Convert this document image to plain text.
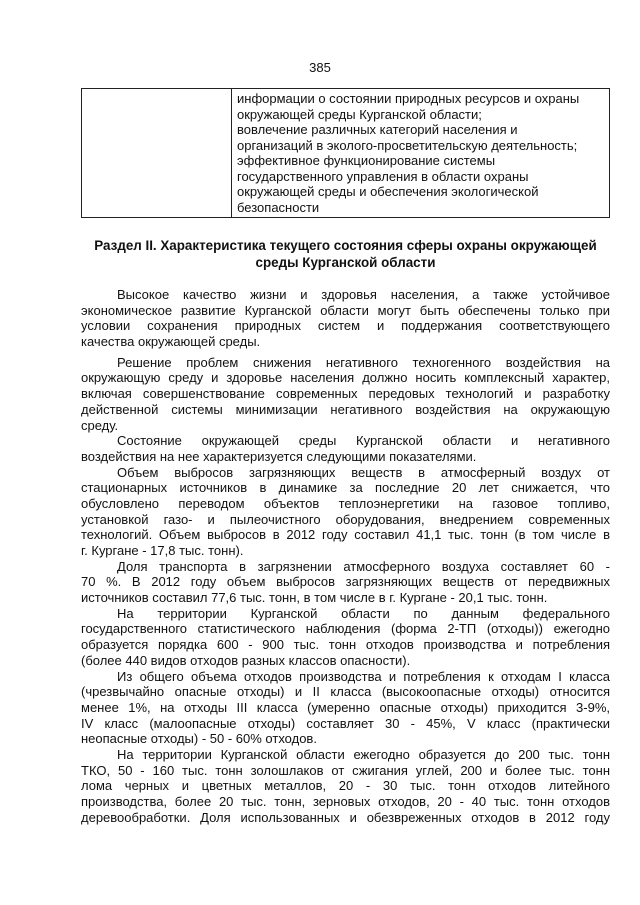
385

информации о состоянии природных ресурсов и охраны
окружающей среды Курганской области;
вовлечение различных категорий населения и
организаций в эколого-просветительскую деятельность;
эффективное функционирование системы
государственного управления в области охраны
окружающей среды и обеспечения экологической
безопасности
Раздел II. Характеристика текущего состояния сферы охраны окружающей
среды Курганской области
Высокое качество жизни и здоровья населения, а также устойчивое
экономическое развитие Курганской области могут быть обеспечены только при
условии сохранения природных систем и поддержания соответствующего
качества окружающей среды.
Решение проблем снижения негативного техногенного воздействия на
окружающую среду и здоровье населения должно носить комплексный характер,
включая совершенствование современных передовых технологий и разработку
действенной системы минимизации негативного воздействия на окружающую
среду.
Состояние окружающей среды Курганской области и негативного
воздействия на нее характеризуется следующими показателями.
Объем выбросов загрязняющих веществ в атмосферный воздух от
стационарных источников в динамике за последние 20 лет снижается, что
обусловлено переводом объектов теплоэнергетики на газовое топливо,
установкой газо- и пылеочистного оборудования, внедрением современных
технологий. Объем выбросов в 2012 году составил 41,1 тыс. тонн (в том числе в
г. Кургане - 17,8 тыс. тонн).
Доля транспорта в загрязнении атмосферного воздуха составляет 60 -
70 %. В 2012 году объем выбросов загрязняющих веществ от передвижных
источников составил 77,6 тыс. тонн, в том числе в г. Кургане - 20,1 тыс. тонн.
На территории Курганской области по данным федерального
государственного статистического наблюдения (форма 2-ТП (отходы)) ежегодно
образуется порядка 600 - 900 тыс. тонн отходов производства и потребления
(более 440 видов отходов разных классов опасности).
Из общего объема отходов производства и потребления к отходам I класса
(чрезвычайно опасные отходы) и II класса (высокоопасные отходы) относится
менее 1%, на отходы III класса (умеренно опасные отходы) приходится 3-9%,
IV класс (малоопасные отходы) составляет 30 - 45%, V класс (практически
неопасные отходы) - 50 - 60% отходов.
На территории Курганской области ежегодно образуется до 200 тыс. тонн
ТКО, 50 - 160 тыс. тонн золошлаков от сжигания углей, 200 и более тыс. тонн
лома черных и цветных металлов, 20 - 30 тыс. тонн отходов литейного
производства, более 20 тыс. тонн, зерновых отходов, 20 - 40 тыс. тонн отходов
деревообработки. Доля использованных и обезвреженных отходов в 2012 году
